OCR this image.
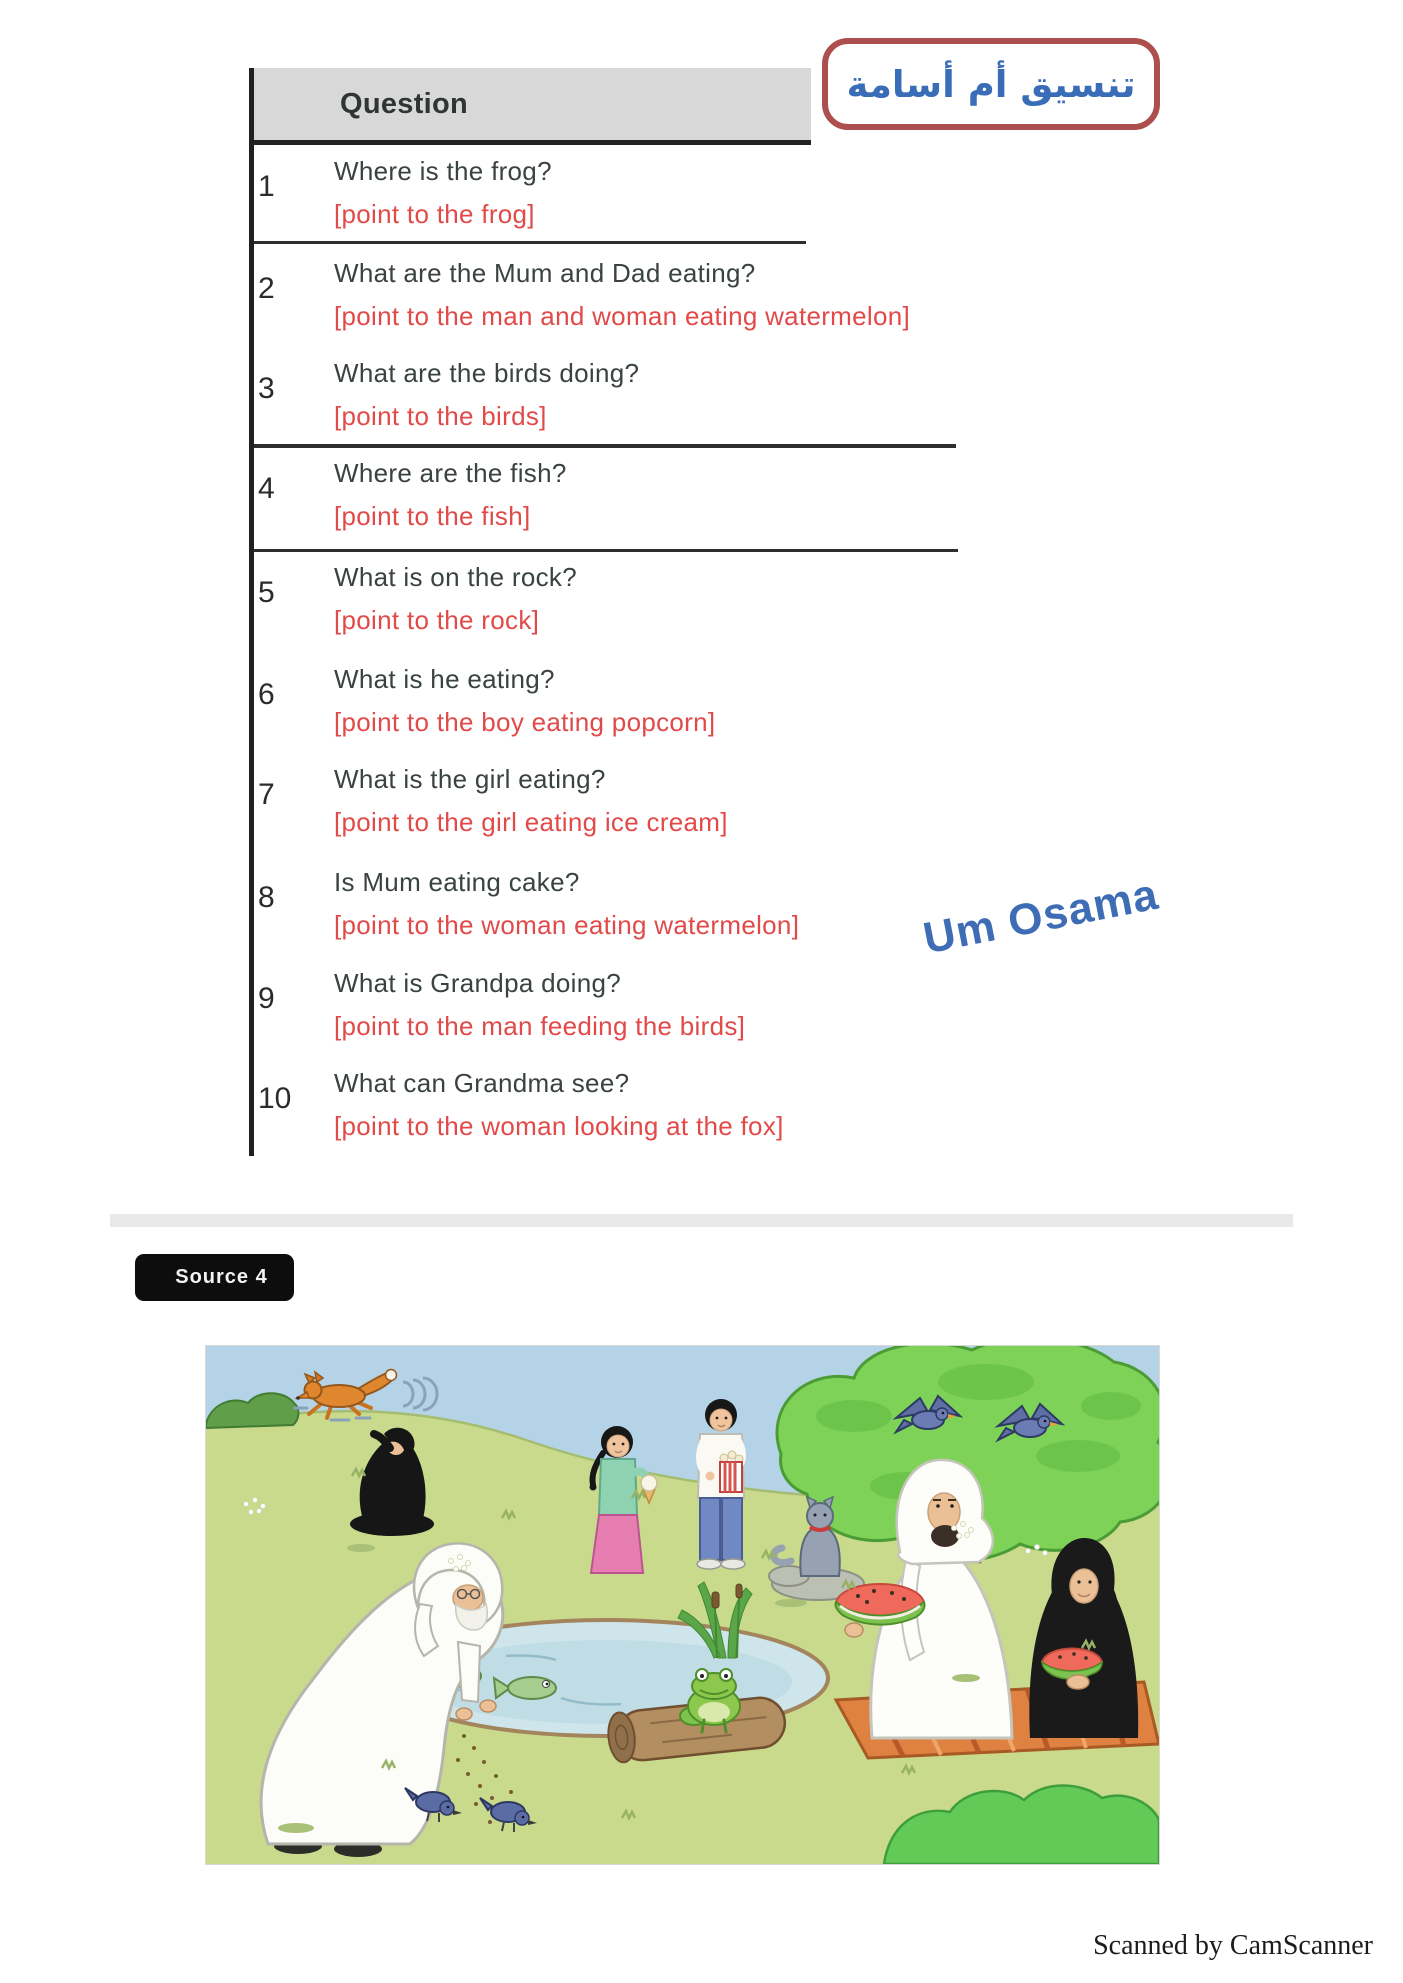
Question
1	Where is the frog?
[point to the frog]
2	What are the Mum and Dad eating?
[point to the man and woman eating watermelon]
3	What are the birds doing?
[point to the birds]
4	Where are the fish?
[point to the fish]
5	What is on the rock?
[point to the rock]
6	What is he eating?
[point to the boy eating popcorn]
7	What is the girl eating?
[point to the girl eating ice cream]
8	Is Mum eating cake?
[point to the woman eating watermelon]
9	What is Grandpa doing?
[point to the man feeding the birds]
10	What can Grandma see?
[point to the woman looking at the fox]
تنسيق أم أسامة
Um Osama
Source 4
Scanned by CamScanner
